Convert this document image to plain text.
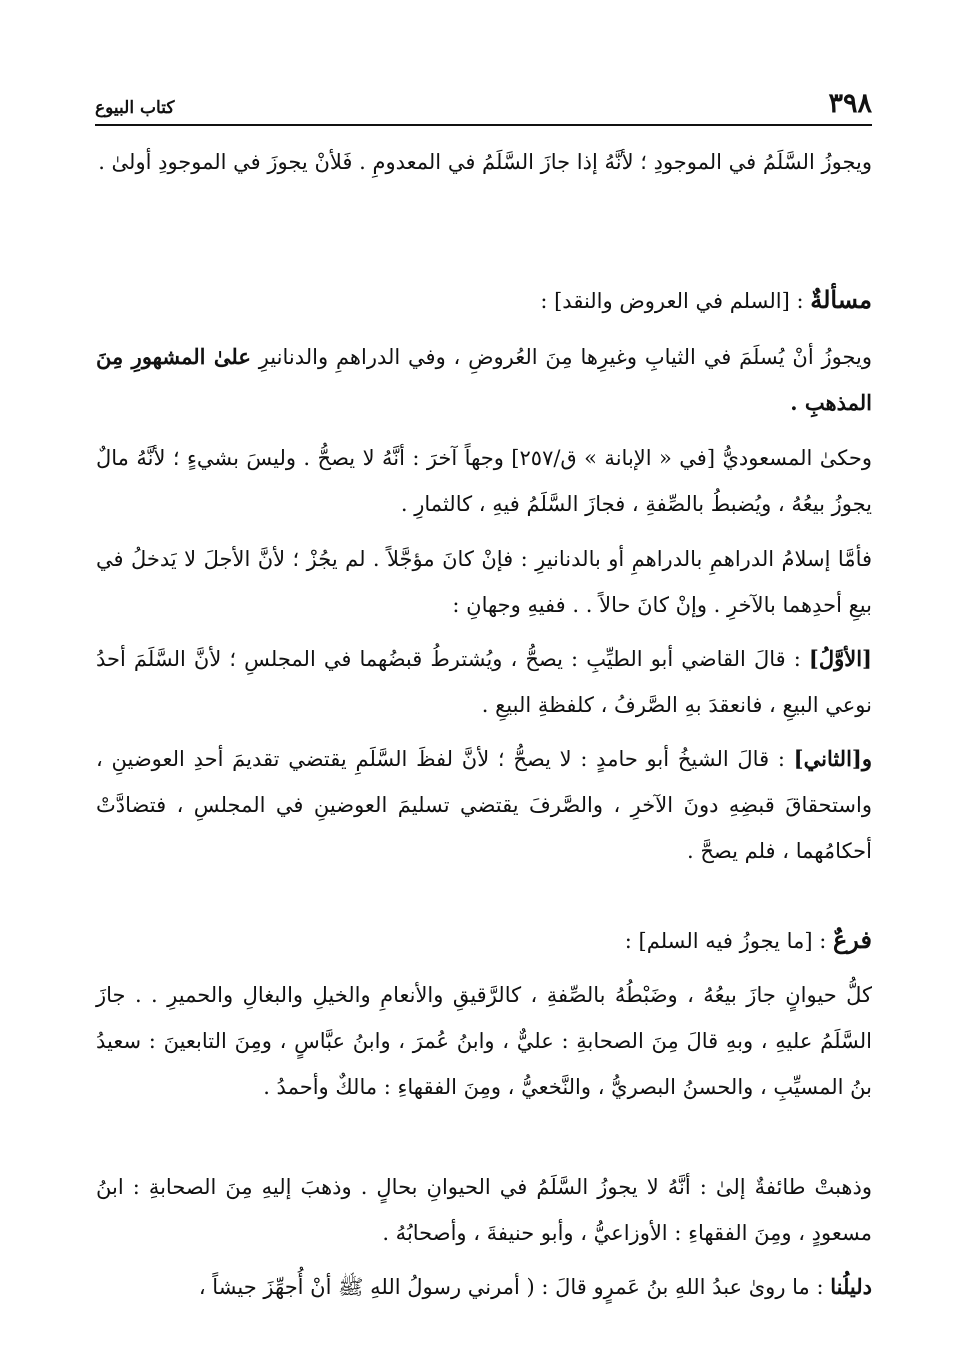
٣٩٨
كتاب البيوع
ويجوزُ السَّلَمُ في الموجودِ ؛ لأنَّهُ إذا جازَ السَّلَمُ في المعدومِ . فَلأنْ يجوزَ في الموجودِ أولىٰ .
مسألةٌ : [السلم في العروض والنقد] :
ويجوزُ أنْ يُسلَمَ في الثيابِ وغيرِها مِنَ العُروضِ ، وفي الدراهمِ والدنانيرِ علىٰ المشهورِ مِنَ المذهبِ .
وحكىٰ المسعوديُّ [في « الإبانة » ق/٢٥٧] وجهاً آخرَ : أنَّهُ لا يصحُّ . وليسَ بشيءٍ ؛ لأنَّهُ مالٌ يجوزُ بيعُهُ ، ويُضبطُ بالصِّفةِ ، فجازَ السَّلَمُ فيهِ ، كالثمارِ .
فأمَّا إسلامُ الدراهمِ بالدراهمِ أو بالدنانيرِ : فإنْ كانَ مؤجَّلاً . لم يجُزْ ؛ لأنَّ الأجلَ لا يَدخلُ في بيعِ أحدِهما بالآخرِ . وإنْ كانَ حالاً . . ففيهِ وجهانِ :
[الأوَّلُ] : قالَ القاضي أبو الطيِّبِ : يصحُّ ، ويُشترطُ قبضُهما في المجلسِ ؛ لأنَّ السَّلَمَ أحدُ نوعي البيعِ ، فانعقدَ بهِ الصَّرفُ ، كلفظةِ البيعِ .
و[الثاني] : قالَ الشيخُ أبو حامدٍ : لا يصحُّ ؛ لأنَّ لفظَ السَّلَمِ يقتضي تقديمَ أحدِ العوضينِ ، واستحقاقَ قبضِهِ دونَ الآخرِ ، والصَّرفَ يقتضي تسليمَ العوضينِ في المجلسِ ، فتضادَّتْ أحكامُهما ، فلم يصحَّ .
فرعٌ : [ما يجوزُ فيه السلم] :
كلُّ حيوانٍ جازَ بيعُهُ ، وضَبْطُهُ بالصِّفةِ ، كالرَّقيقِ والأنعامِ والخيلِ والبغالِ والحميرِ . . جازَ السَّلَمُ عليهِ ، وبهِ قالَ مِنَ الصحابةِ : عليٌّ ، وابنُ عُمرَ ، وابنُ عبَّاسٍ ، ومِنَ التابعينَ : سعيدُ بنُ المسيِّبِ ، والحسنُ البصريُّ ، والنَّخعيُّ ، ومِنَ الفقهاءِ : مالكٌ وأحمدُ .
وذهبتْ طائفةٌ إلىٰ : أنَّهُ لا يجوزُ السَّلَمُ في الحيوانِ بحالٍ . وذهبَ إليهِ مِنَ الصحابةِ : ابنُ مسعودٍ ، ومِنَ الفقهاءِ : الأوزاعيُّ ، وأبو حنيفةَ ، وأصحابُهُ .
دليلُنا : ما روىٰ عبدُ اللهِ بنُ عَمرٍو قالَ : ( أمرني رسولُ اللهِ ﷺ أنْ أُجهِّزَ جيشاً ،
